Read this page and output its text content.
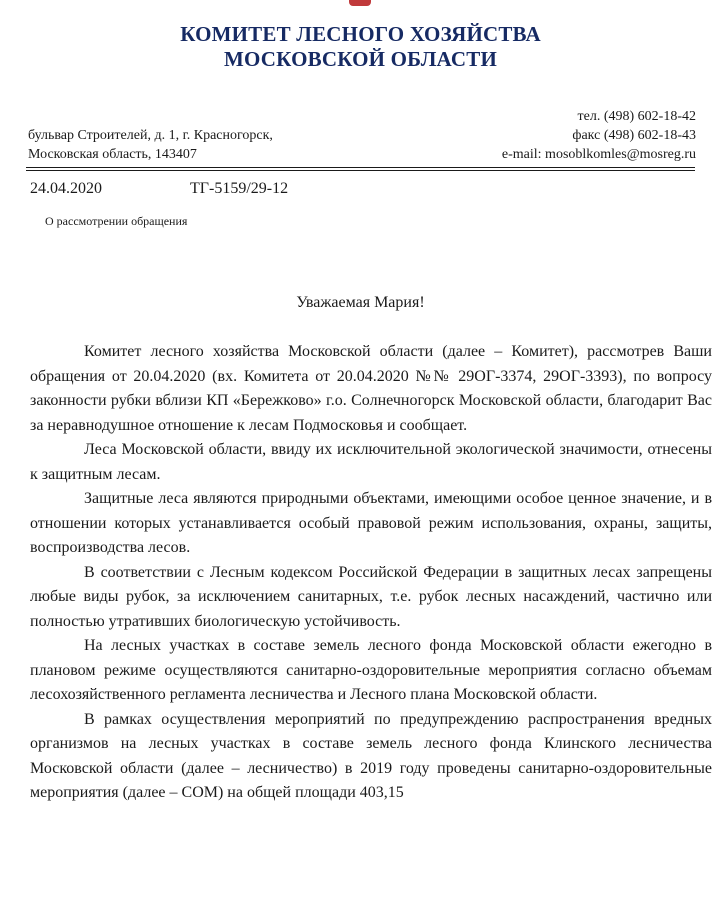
КОМИТЕТ ЛЕСНОГО ХОЗЯЙСТВА
МОСКОВСКОЙ ОБЛАСТИ
бульвар Строителей, д. 1, г. Красногорск,
Московская область, 143407
тел. (498) 602-18-42
факс (498) 602-18-43
e-mail: mosoblkomles@mosreg.ru
24.04.2020	ТГ-5159/29-12
О рассмотрении обращения
Уважаемая Мария!

Комитет лесного хозяйства Московской области (далее – Комитет), рассмотрев Ваши обращения от 20.04.2020 (вх. Комитета от 20.04.2020 №№ 29ОГ-3374, 29ОГ-3393), по вопросу законности рубки вблизи КП «Бережково» г.о. Солнечногорск Московской области, благодарит Вас за неравнодушное отношение к лесам Подмосковья и сообщает.

Леса Московской области, ввиду их исключительной экологической значимости, отнесены к защитным лесам.

Защитные леса являются природными объектами, имеющими особое ценное значение, и в отношении которых устанавливается особый правовой режим использования, охраны, защиты, воспроизводства лесов.

В соответствии с Лесным кодексом Российской Федерации в защитных лесах запрещены любые виды рубок, за исключением санитарных, т.е. рубок лесных насаждений, частично или полностью утративших биологическую устойчивость.

На лесных участках в составе земель лесного фонда Московской области ежегодно в плановом режиме осуществляются санитарно-оздоровительные мероприятия согласно объемам лесохозяйственного регламента лесничества и Лесного плана Московской области.

В рамках осуществления мероприятий по предупреждению распространения вредных организмов на лесных участках в составе земель лесного фонда Клинского лесничества Московской области (далее – лесничество) в 2019 году проведены санитарно-оздоровительные мероприятия (далее – СОМ) на общей площади 403,15
